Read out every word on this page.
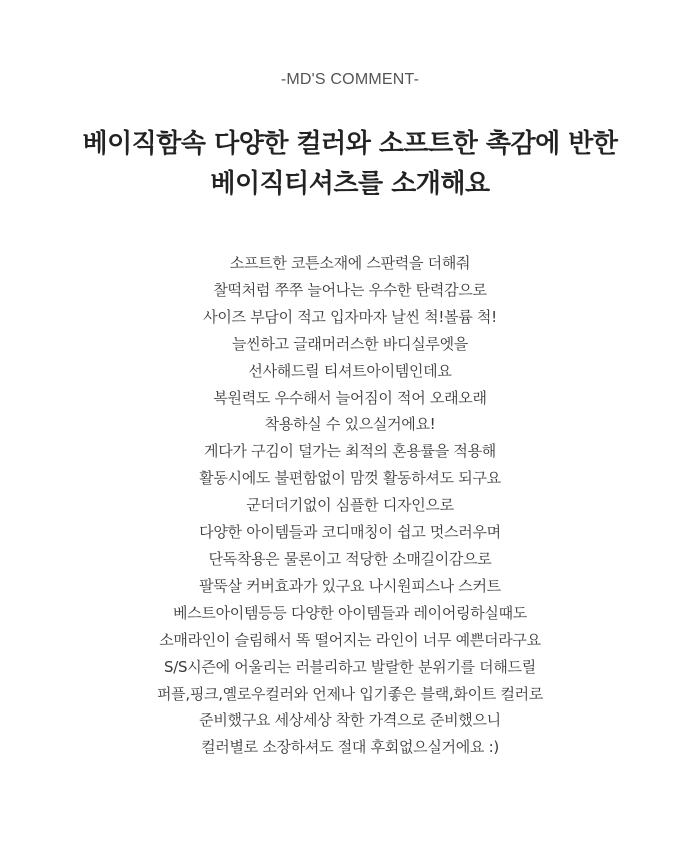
-MD'S COMMENT-
베이직함속 다양한 컬러와 소프트한 촉감에 반한
베이직티셔츠를 소개해요
소프트한 코튼소재에 스판력을 더해줘
찰떡처럼 쭈쭈 늘어나는 우수한 탄력감으로
사이즈 부담이 적고 입자마자 날씬 척!볼륨 척!
늘씬하고 글래머러스한 바디실루엣을
선사해드릴 티셔트아이템인데요
복원력도 우수해서 늘어짐이 적어 오래오래
착용하실 수 있으실거에요!
게다가 구김이 덜가는 최적의 혼용률을 적용해
활동시에도 불편함없이 맘껏 활동하셔도 되구요
군더더기없이 심플한 디자인으로
다양한 아이템들과 코디매칭이 쉽고 멋스러우며
단독착용은 물론이고 적당한 소매길이감으로
팔뚝살 커버효과가 있구요 나시원피스나 스커트
베스트아이템등등 다양한 아이템들과 레이어링하실때도
소매라인이 슬림해서 똑 떨어지는 라인이 너무 예쁜더라구요
S/S시즌에 어울리는 러블리하고 발랄한 분위기를 더해드릴
퍼플,핑크,옐로우컬러와 언제나 입기좋은 블랙,화이트 컬러로
준비했구요 세상세상 착한 가격으로 준비했으니
컬러별로 소장하셔도 절대 후회없으실거에요 :)
